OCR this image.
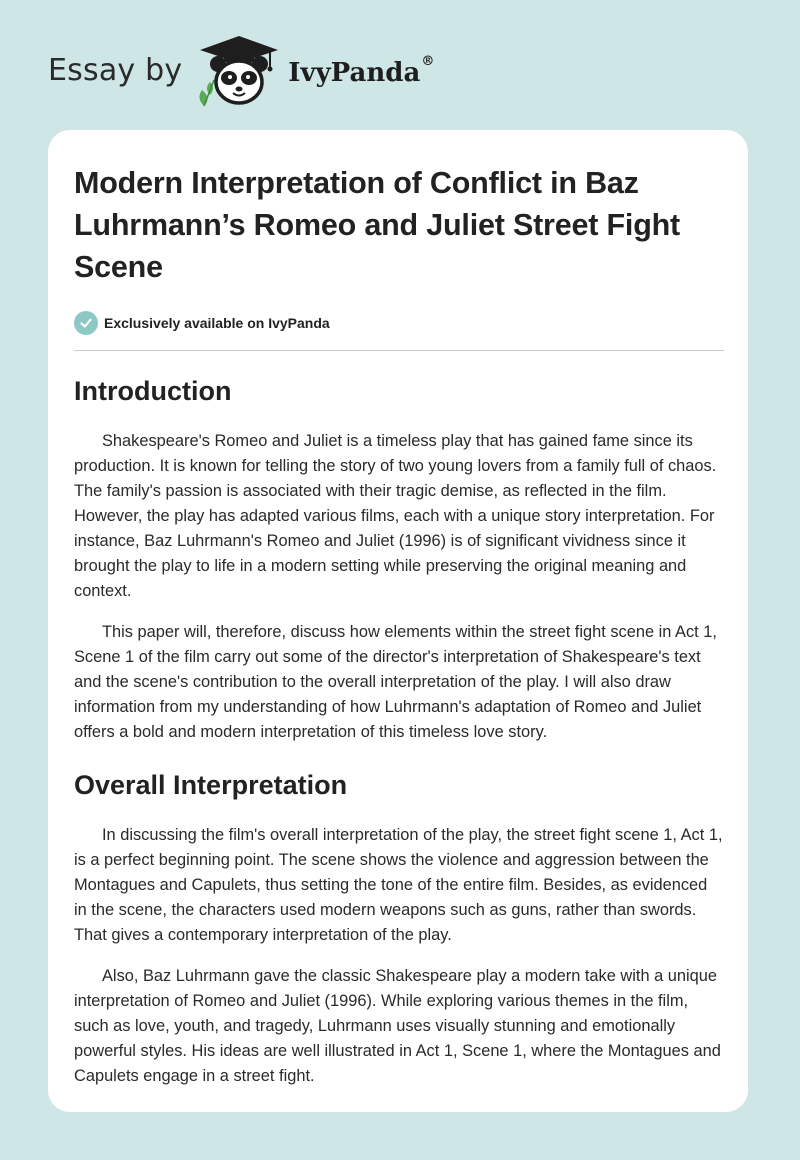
Essay by	IvyPanda®
Modern Interpretation of Conflict in Baz Luhrmann’s Romeo and Juliet Street Fight Scene
Exclusively available on IvyPanda
Introduction

Shakespeare's Romeo and Juliet is a timeless play that has gained fame since its production. It is known for telling the story of two young lovers from a family full of chaos. The family's passion is associated with their tragic demise, as reflected in the film. However, the play has adapted various films, each with a unique story interpretation. For instance, Baz Luhrmann's Romeo and Juliet (1996) is of significant vividness since it brought the play to life in a modern setting while preserving the original meaning and context.

This paper will, therefore, discuss how elements within the street fight scene in Act 1, Scene 1 of the film carry out some of the director's interpretation of Shakespeare's text and the scene's contribution to the overall interpretation of the play. I will also draw information from my understanding of how Luhrmann's adaptation of Romeo and Juliet offers a bold and modern interpretation of this timeless love story.

Overall Interpretation

In discussing the film's overall interpretation of the play, the street fight scene 1, Act 1, is a perfect beginning point. The scene shows the violence and aggression between the Montagues and Capulets, thus setting the tone of the entire film. Besides, as evidenced in the scene, the characters used modern weapons such as guns, rather than swords. That gives a contemporary interpretation of the play.

Also, Baz Luhrmann gave the classic Shakespeare play a modern take with a unique interpretation of Romeo and Juliet (1996). While exploring various themes in the film, such as love, youth, and tragedy, Luhrmann uses visually stunning and emotionally powerful styles. His ideas are well illustrated in Act 1, Scene 1, where the Montagues and Capulets engage in a street fight.
